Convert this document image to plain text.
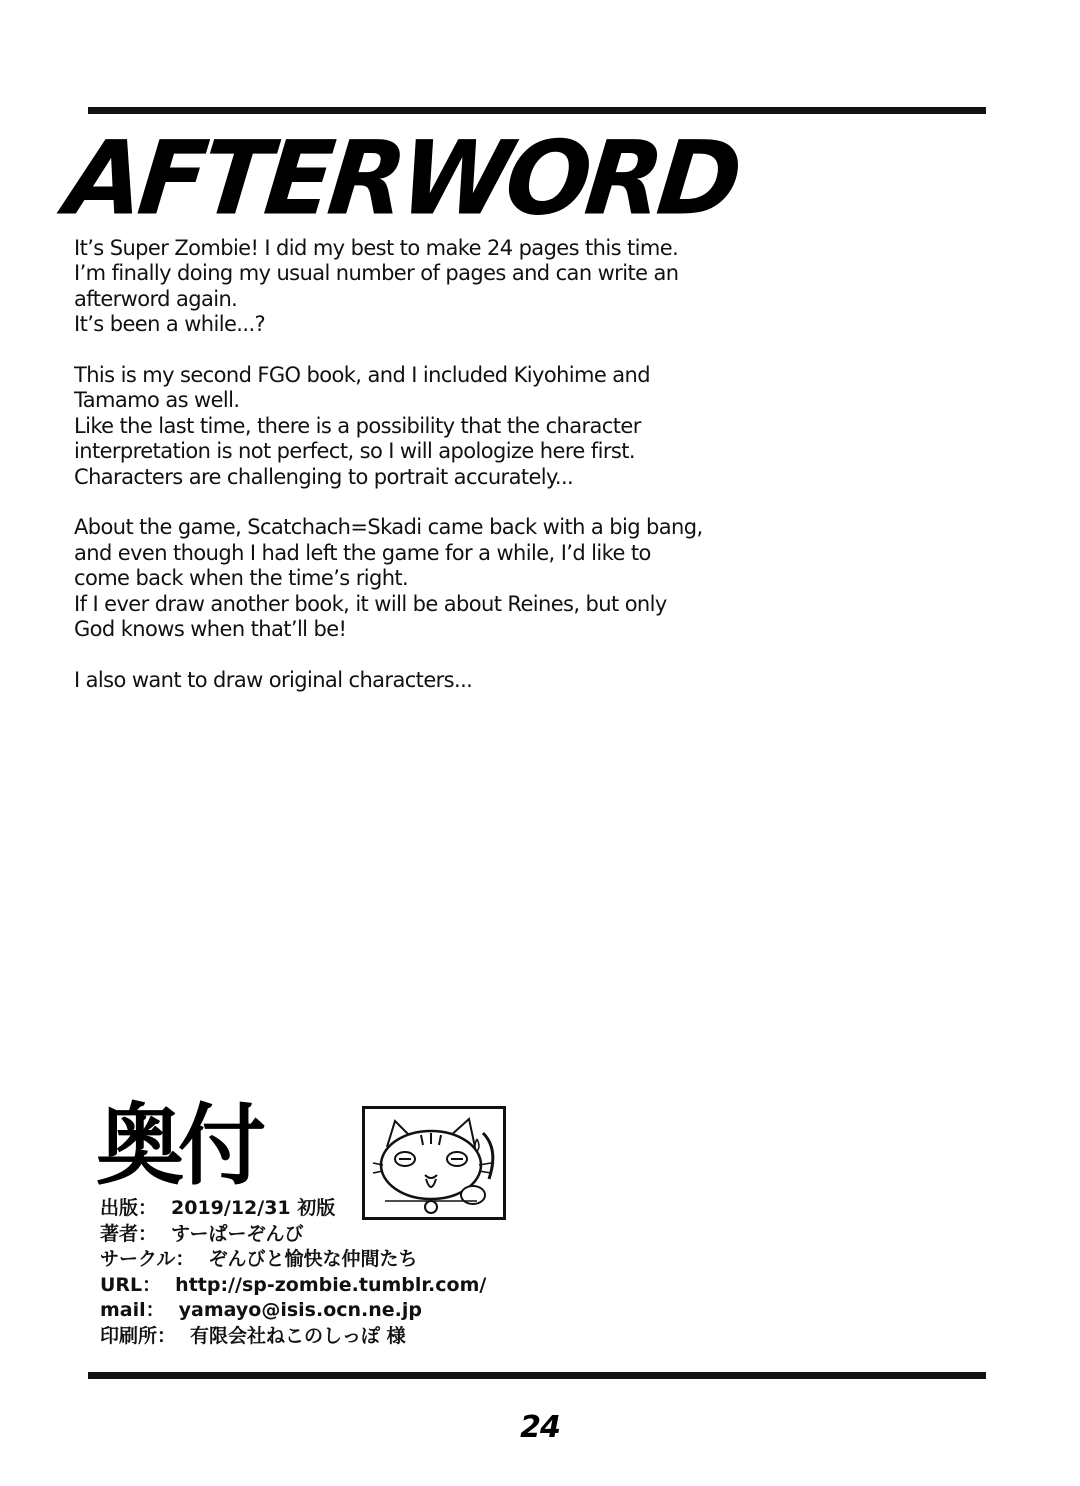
AFTERWORD
It’s Super Zombie! I did my best to make 24 pages this time.
I’m finally doing my usual number of pages and can write an
afterword again.
It’s been a while...?
This is my second FGO book, and I included Kiyohime and
Tamamo as well.
Like the last time, there is a possibility that the character
interpretation is not perfect, so I will apologize here first.
Characters are challenging to portrait accurately...
About the game, Scatchach=Skadi came back with a big bang,
and even though I had left the game for a while, I’d like to
come back when the time’s right.
If I ever draw another book, it will be about Reines, but only
God knows when that’ll be!
I also want to draw original characters...
奥付
出版： 2019/12/31 初版
著者： すーぱーぞんび
サークル： ぞんびと愉快な仲間たち
URL： http://sp-zombie.tumblr.com/
mail： yamayo@isis.ocn.ne.jp
印刷所： 有限会社ねこのしっぽ 様
24
